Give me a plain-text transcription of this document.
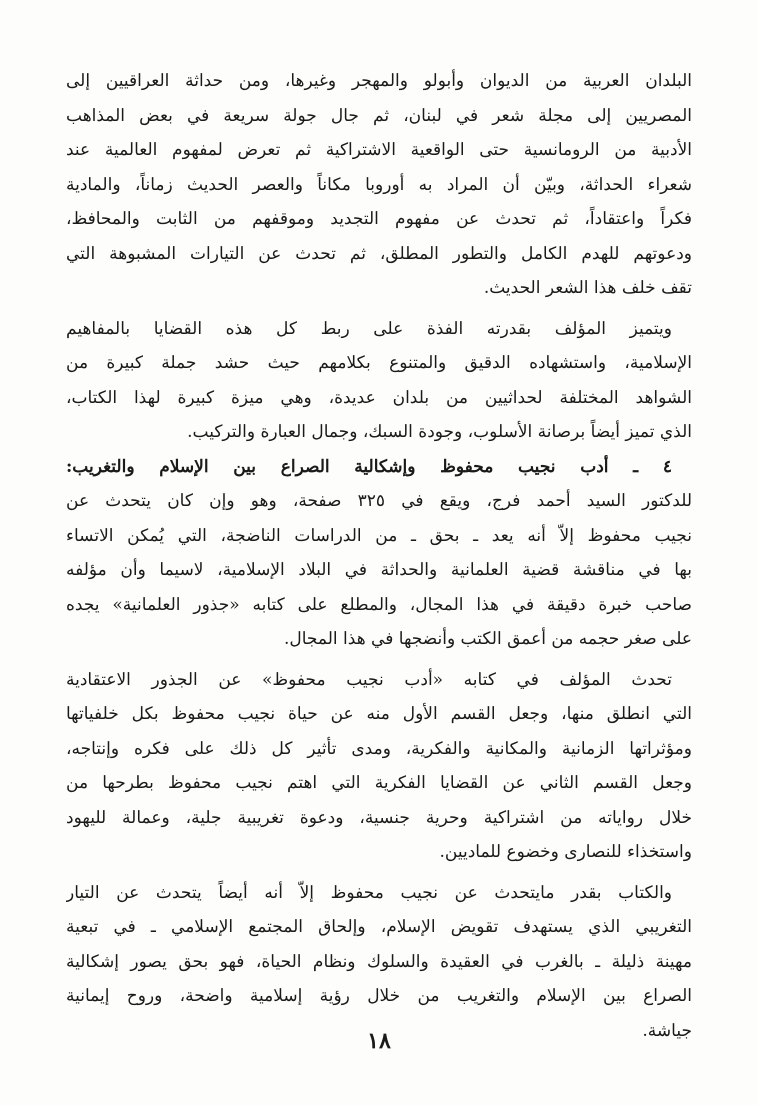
البلدان العربية من الديوان وأبولو والمهجر وغيرها، ومن حداثة العراقيين إلى
المصريين إلى مجلة شعر في لبنان، ثم جال جولة سريعة في بعض المذاهب
الأدبية من الرومانسية حتى الواقعية الاشتراكية ثم تعرض لمفهوم العالمية عند
شعراء الحداثة، وبيّن أن المراد به أوروبا مكاناً والعصر الحديث زماناً، والمادية
فكراً واعتقاداً، ثم تحدث عن مفهوم التجديد وموقفهم من الثابت والمحافظ،
ودعوتهم للهدم الكامل والتطور المطلق، ثم تحدث عن التيارات المشبوهة التي
تقف خلف هذا الشعر الحديث.
ويتميز المؤلف بقدرته الفذة على ربط كل هذه القضايا بالمفاهيم
الإسلامية، واستشهاده الدقيق والمتنوع بكلامهم حيث حشد جملة كبيرة من
الشواهد المختلفة لحداثيين من بلدان عديدة، وهي ميزة كبيرة لهذا الكتاب،
الذي تميز أيضاً برصانة الأسلوب، وجودة السبك، وجمال العبارة والتركيب.
٤ ـ أدب نجيب محفوظ وإشكالية الصراع بين الإسلام والتغريب:
للدكتور السيد أحمد فرج، ويقع في ٣٢٥ صفحة، وهو وإن كان يتحدث عن
نجيب محفوظ إلاّ أنه يعد ـ بحق ـ من الدراسات الناضجة، التي يُمكن الاتساء
بها في مناقشة قضية العلمانية والحداثة في البلاد الإسلامية، لاسيما وأن مؤلفه
صاحب خبرة دقيقة في هذا المجال، والمطلع على كتابه «جذور العلمانية» يجده
على صغر حجمه من أعمق الكتب وأنضجها في هذا المجال.
تحدث المؤلف في كتابه «أدب نجيب محفوظ» عن الجذور الاعتقادية
التي انطلق منها، وجعل القسم الأول منه عن حياة نجيب محفوظ بكل خلفياتها
ومؤثراتها الزمانية والمكانية والفكرية، ومدى تأثير كل ذلك على فكره وإنتاجه،
وجعل القسم الثاني عن القضايا الفكرية التي اهتم نجيب محفوظ بطرحها من
خلال رواياته من اشتراكية وحرية جنسية، ودعوة تغريبية جلية، وعمالة لليهود
واستخذاء للنصارى وخضوع للماديين.
والكتاب بقدر مايتحدث عن نجيب محفوظ إلاّ أنه أيضاً يتحدث عن التيار
التغريبي الذي يستهدف تقويض الإسلام، وإلحاق المجتمع الإسلامي ـ في تبعية
مهينة ذليلة ـ بالغرب في العقيدة والسلوك ونظام الحياة، فهو بحق يصور إشكالية
الصراع بين الإسلام والتغريب من خلال رؤية إسلامية واضحة، وروح إيمانية
جياشة.
١٨
